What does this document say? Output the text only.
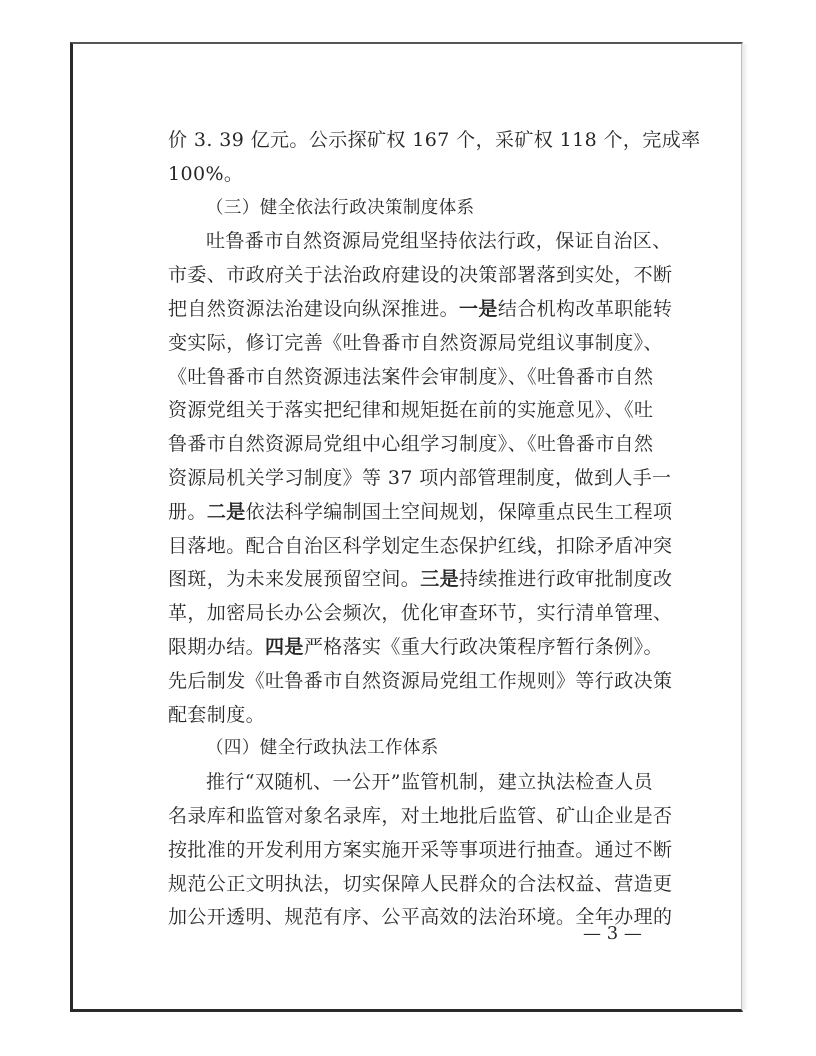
价 3. 39 亿元。公示探矿权 167 个，采矿权 118 个，完成率
100%。
（三）健全依法行政决策制度体系
吐鲁番市自然资源局党组坚持依法行政，保证自治区、
市委、市政府关于法治政府建设的决策部署落到实处，不断
把自然资源法治建设向纵深推进。一是结合机构改革职能转
变实际，修订完善《吐鲁番市自然资源局党组议事制度》、
《吐鲁番市自然资源违法案件会审制度》、《吐鲁番市自然
资源党组关于落实把纪律和规矩挺在前的实施意见》、《吐
鲁番市自然资源局党组中心组学习制度》、《吐鲁番市自然
资源局机关学习制度》等 37 项内部管理制度，做到人手一
册。二是依法科学编制国土空间规划，保障重点民生工程项
目落地。配合自治区科学划定生态保护红线，扣除矛盾冲突
图斑，为未来发展预留空间。三是持续推进行政审批制度改
革，加密局长办公会频次，优化审查环节，实行清单管理、
限期办结。四是严格落实《重大行政决策程序暂行条例》。
先后制发《吐鲁番市自然资源局党组工作规则》等行政决策
配套制度。
（四）健全行政执法工作体系
推行“双随机、一公开”监管机制，建立执法检查人员
名录库和监管对象名录库，对土地批后监管、矿山企业是否
按批准的开发利用方案实施开采等事项进行抽查。通过不断
规范公正文明执法，切实保障人民群众的合法权益、营造更
加公开透明、规范有序、公平高效的法治环境。全年办理的
— 3 —
